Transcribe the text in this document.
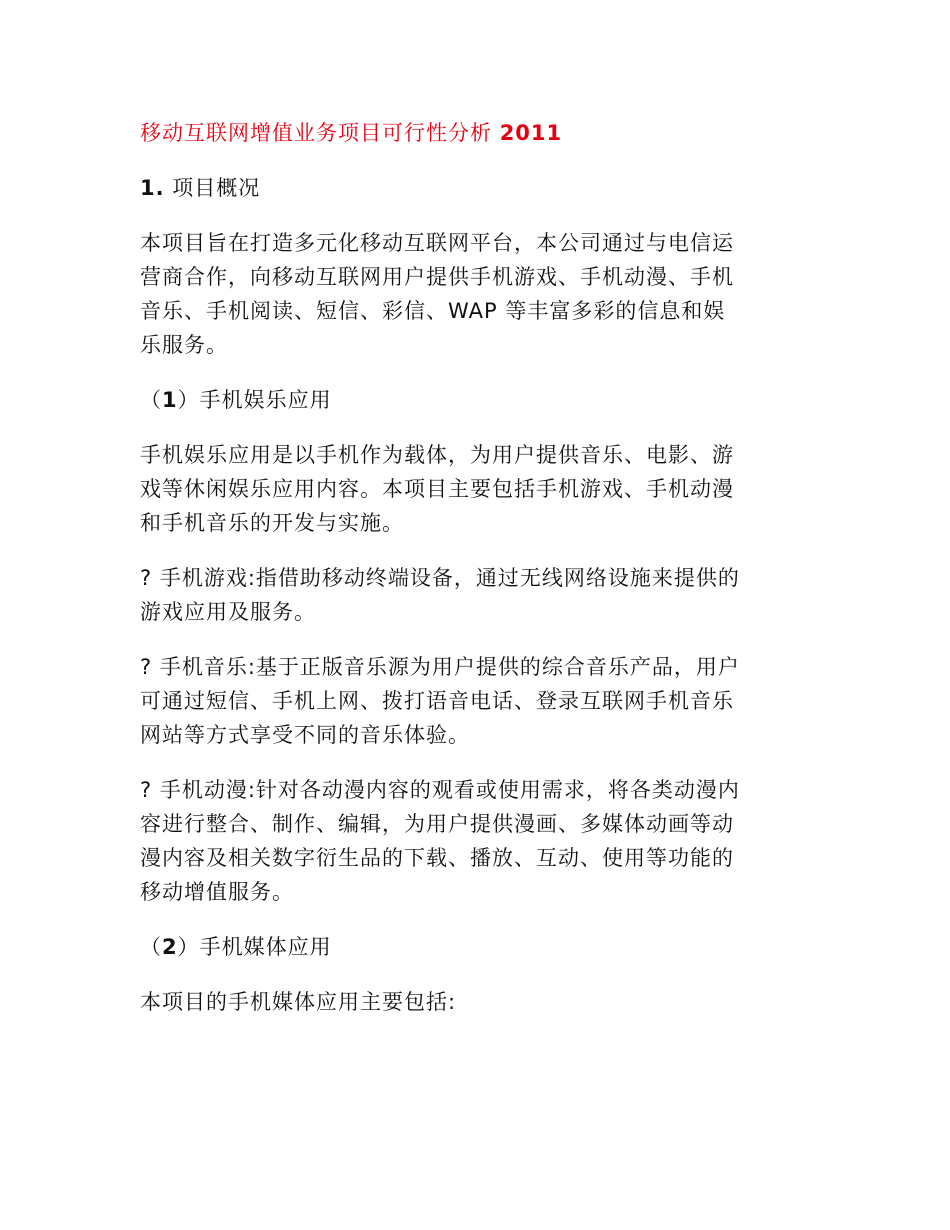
移动互联网增值业务项目可行性分析 2011
1. 项目概况
本项目旨在打造多元化移动互联网平台，本公司通过与电信运
营商合作，向移动互联网用户提供手机游戏、手机动漫、手机
音乐、手机阅读、短信、彩信、WAP 等丰富多彩的信息和娱
乐服务。
（1）手机娱乐应用
手机娱乐应用是以手机作为载体，为用户提供音乐、电影、游
戏等休闲娱乐应用内容。本项目主要包括手机游戏、手机动漫
和手机音乐的开发与实施。
? 手机游戏:指借助移动终端设备，通过无线网络设施来提供的
游戏应用及服务。
? 手机音乐:基于正版音乐源为用户提供的综合音乐产品，用户
可通过短信、手机上网、拨打语音电话、登录互联网手机音乐
网站等方式享受不同的音乐体验。
? 手机动漫:针对各动漫内容的观看或使用需求，将各类动漫内
容进行整合、制作、编辑，为用户提供漫画、多媒体动画等动
漫内容及相关数字衍生品的下载、播放、互动、使用等功能的
移动增值服务。
（2）手机媒体应用
本项目的手机媒体应用主要包括:
